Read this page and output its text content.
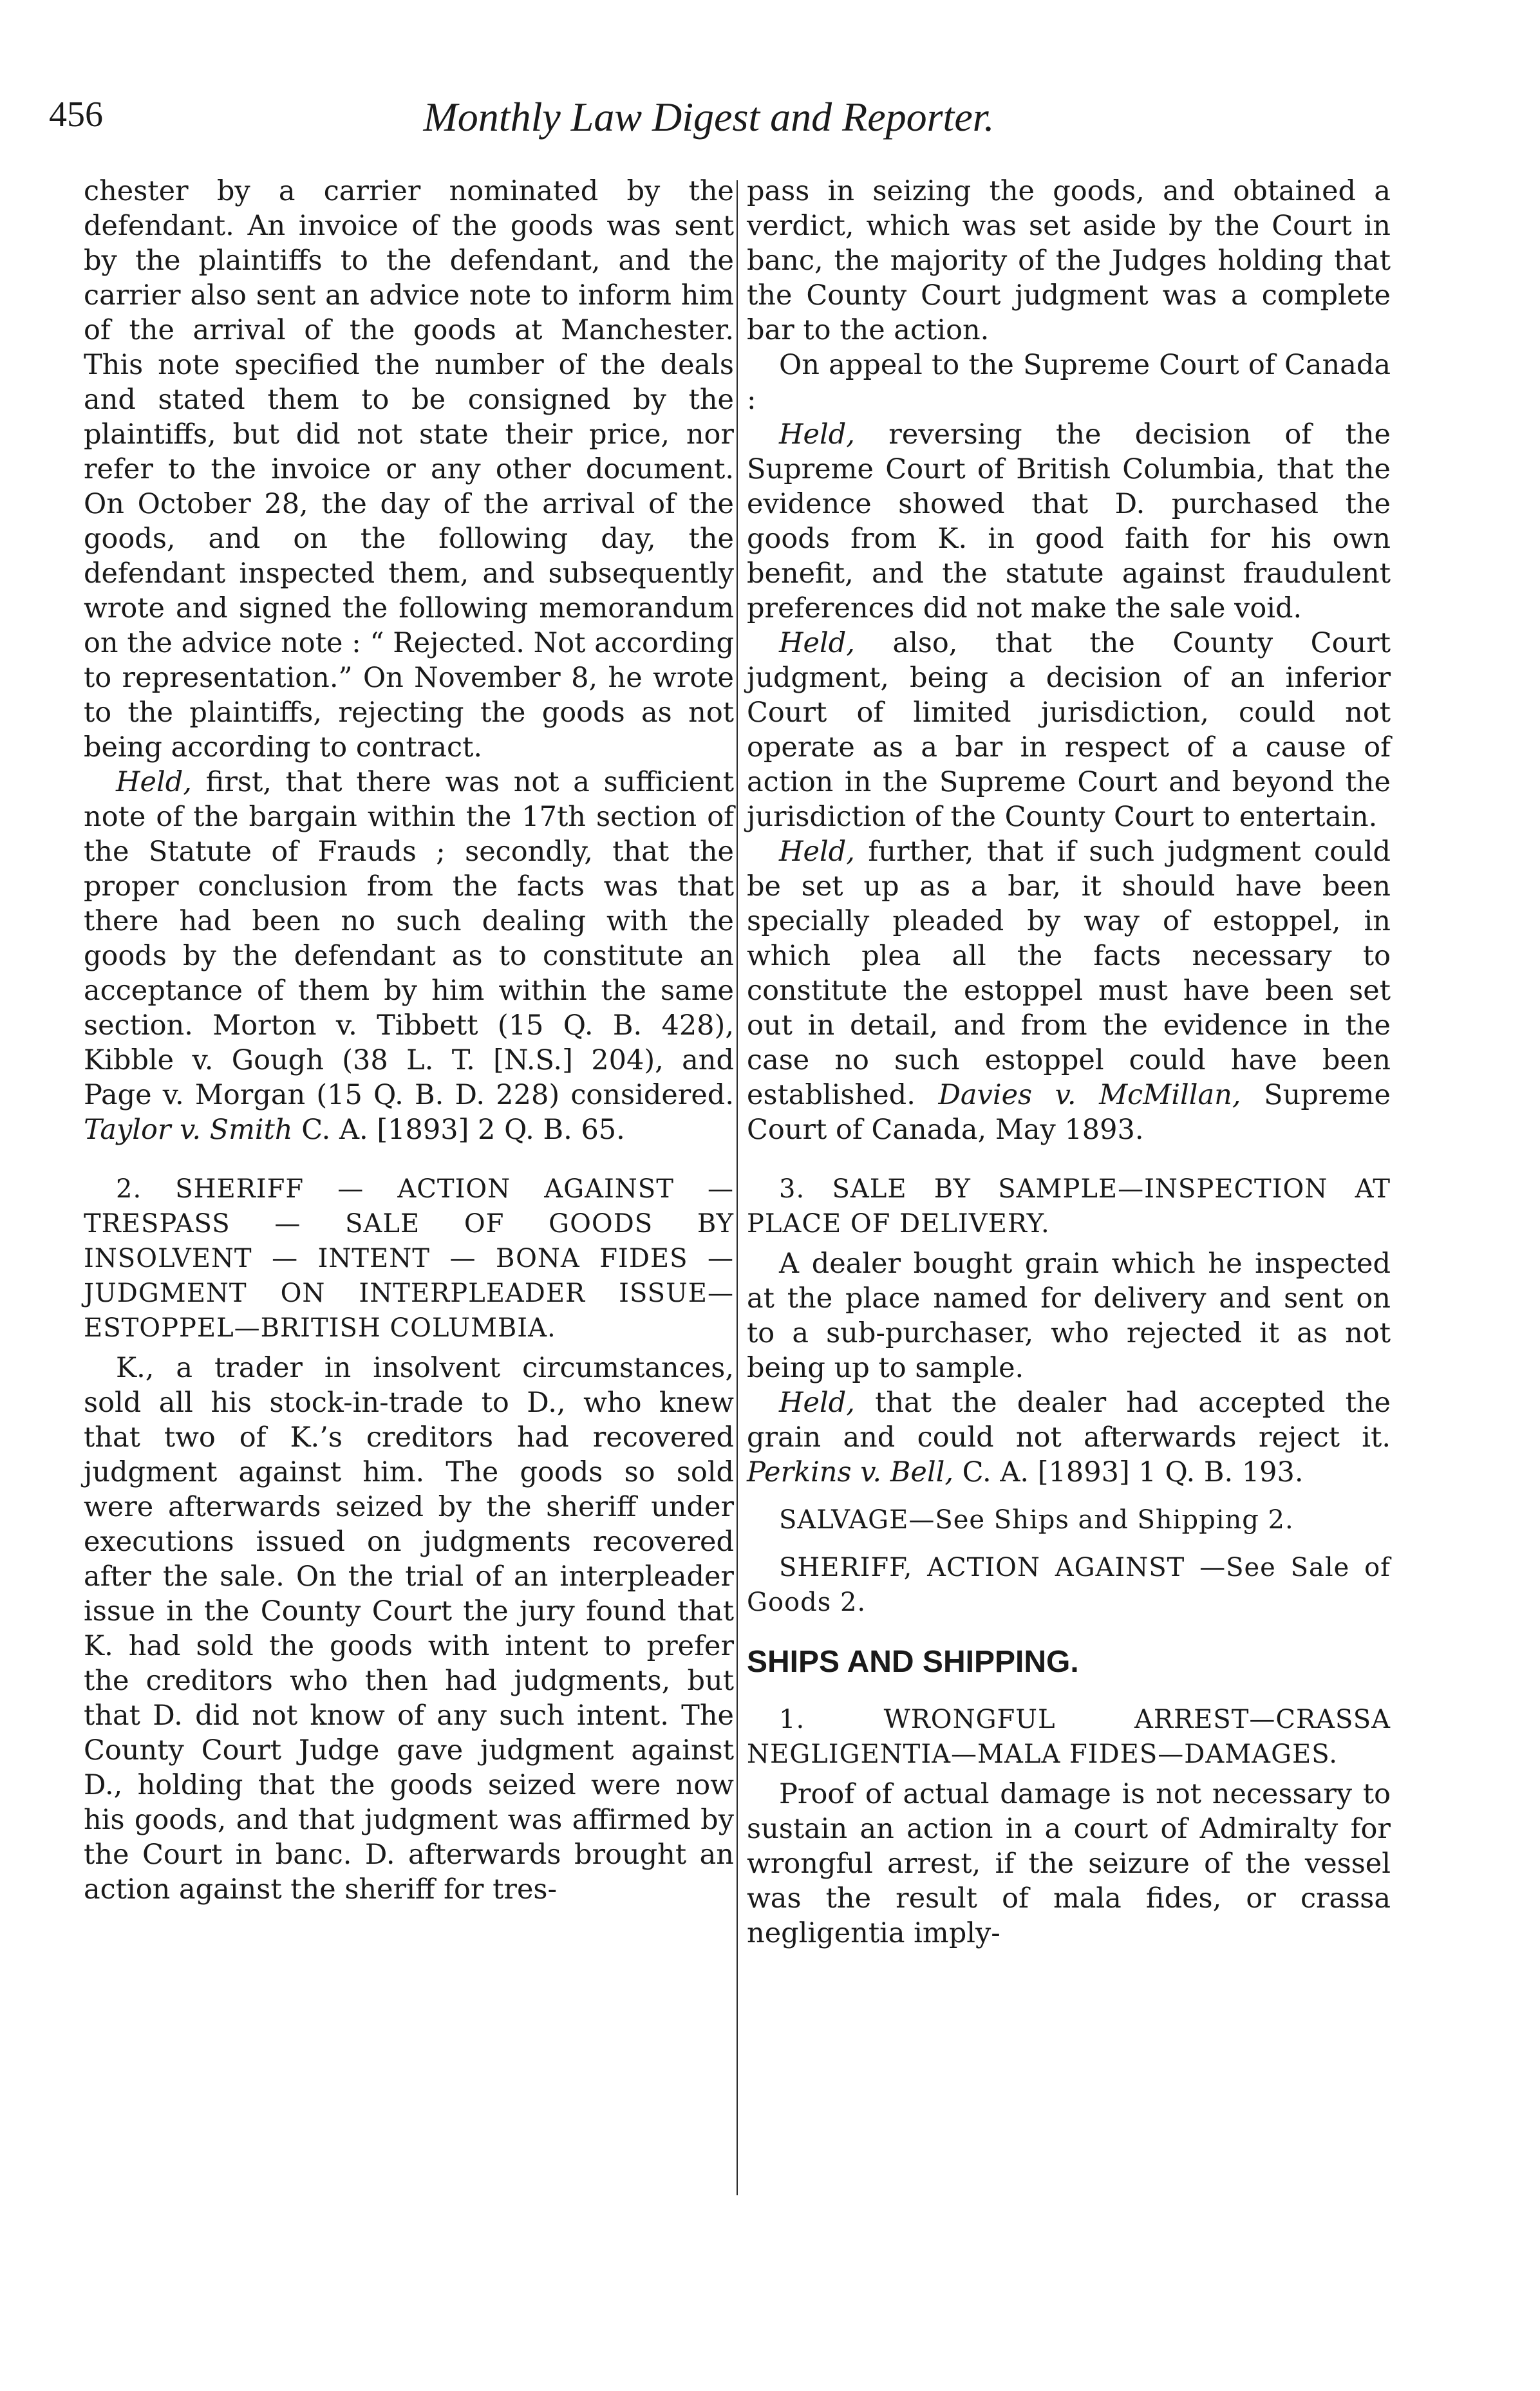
456	Monthly Law Digest and Reporter.

chester by a carrier nominated by the defendant. An invoice of the goods was sent by the plaintiffs to the defendant, and the carrier also sent an advice note to inform him of the arrival of the goods at Manchester. This note specified the number of the deals and stated them to be consigned by the plaintiffs, but did not state their price, nor refer to the invoice or any other document. On October 28, the day of the arrival of the goods, and on the following day, the defendant inspected them, and subsequently wrote and signed the following memorandum on the advice note : “ Rejected. Not according to representation.” On November 8, he wrote to the plaintiffs, rejecting the goods as not being according to contract.

Held, first, that there was not a sufficient note of the bargain within the 17th section of the Statute of Frauds ; secondly, that the proper conclusion from the facts was that there had been no such dealing with the goods by the defendant as to constitute an acceptance of them by him within the same section. Morton v. Tibbett (15 Q. B. 428), Kibble v. Gough (38 L. T. [N.S.] 204), and Page v. Morgan (15 Q. B. D. 228) considered. Taylor v. Smith C. A. [1893] 2 Q. B. 65.

2. SHERIFF — ACTION AGAINST — TRESPASS — SALE OF GOODS BY INSOLVENT — INTENT — BONA FIDES — JUDGMENT ON INTERPLEADER ISSUE— ESTOPPEL—BRITISH COLUMBIA.

K., a trader in insolvent circumstances, sold all his stock-in-trade to D., who knew that two of K.’s creditors had recovered judgment against him. The goods so sold were afterwards seized by the sheriff under executions issued on judgments recovered after the sale. On the trial of an interpleader issue in the County Court the jury found that K. had sold the goods with intent to prefer the creditors who then had judgments, but that D. did not know of any such intent. The County Court Judge gave judgment against D., holding that the goods seized were now his goods, and that judgment was affirmed by the Court in banc. D. afterwards brought an action against the sheriff for tres-

pass in seizing the goods, and obtained a verdict, which was set aside by the Court in banc, the majority of the Judges holding that the County Court judgment was a complete bar to the action.

On appeal to the Supreme Court of Canada :

Held, reversing the decision of the Supreme Court of British Columbia, that the evidence showed that D. purchased the goods from K. in good faith for his own benefit, and the statute against fraudulent preferences did not make the sale void.

Held, also, that the County Court judgment, being a decision of an inferior Court of limited jurisdiction, could not operate as a bar in respect of a cause of action in the Supreme Court and beyond the jurisdiction of the County Court to entertain.

Held, further, that if such judgment could be set up as a bar, it should have been specially pleaded by way of estoppel, in which plea all the facts necessary to constitute the estoppel must have been set out in detail, and from the evidence in the case no such estoppel could have been established. Davies v. McMillan, Supreme Court of Canada, May 1893.

3. SALE BY SAMPLE—INSPECTION AT PLACE OF DELIVERY.

A dealer bought grain which he inspected at the place named for delivery and sent on to a sub-purchaser, who rejected it as not being up to sample.

Held, that the dealer had accepted the grain and could not afterwards reject it. Perkins v. Bell, C. A. [1893] 1 Q. B. 193.

SALVAGE—See Ships and Shipping 2.

SHERIFF, ACTION AGAINST —See Sale of Goods 2.

SHIPS AND SHIPPING.

1. WRONGFUL ARREST—CRASSA NEGLIGENTIA—MALA FIDES—DAMAGES.

Proof of actual damage is not necessary to sustain an action in a court of Admiralty for wrongful arrest, if the seizure of the vessel was the result of mala fides, or crassa negligentia imply-
